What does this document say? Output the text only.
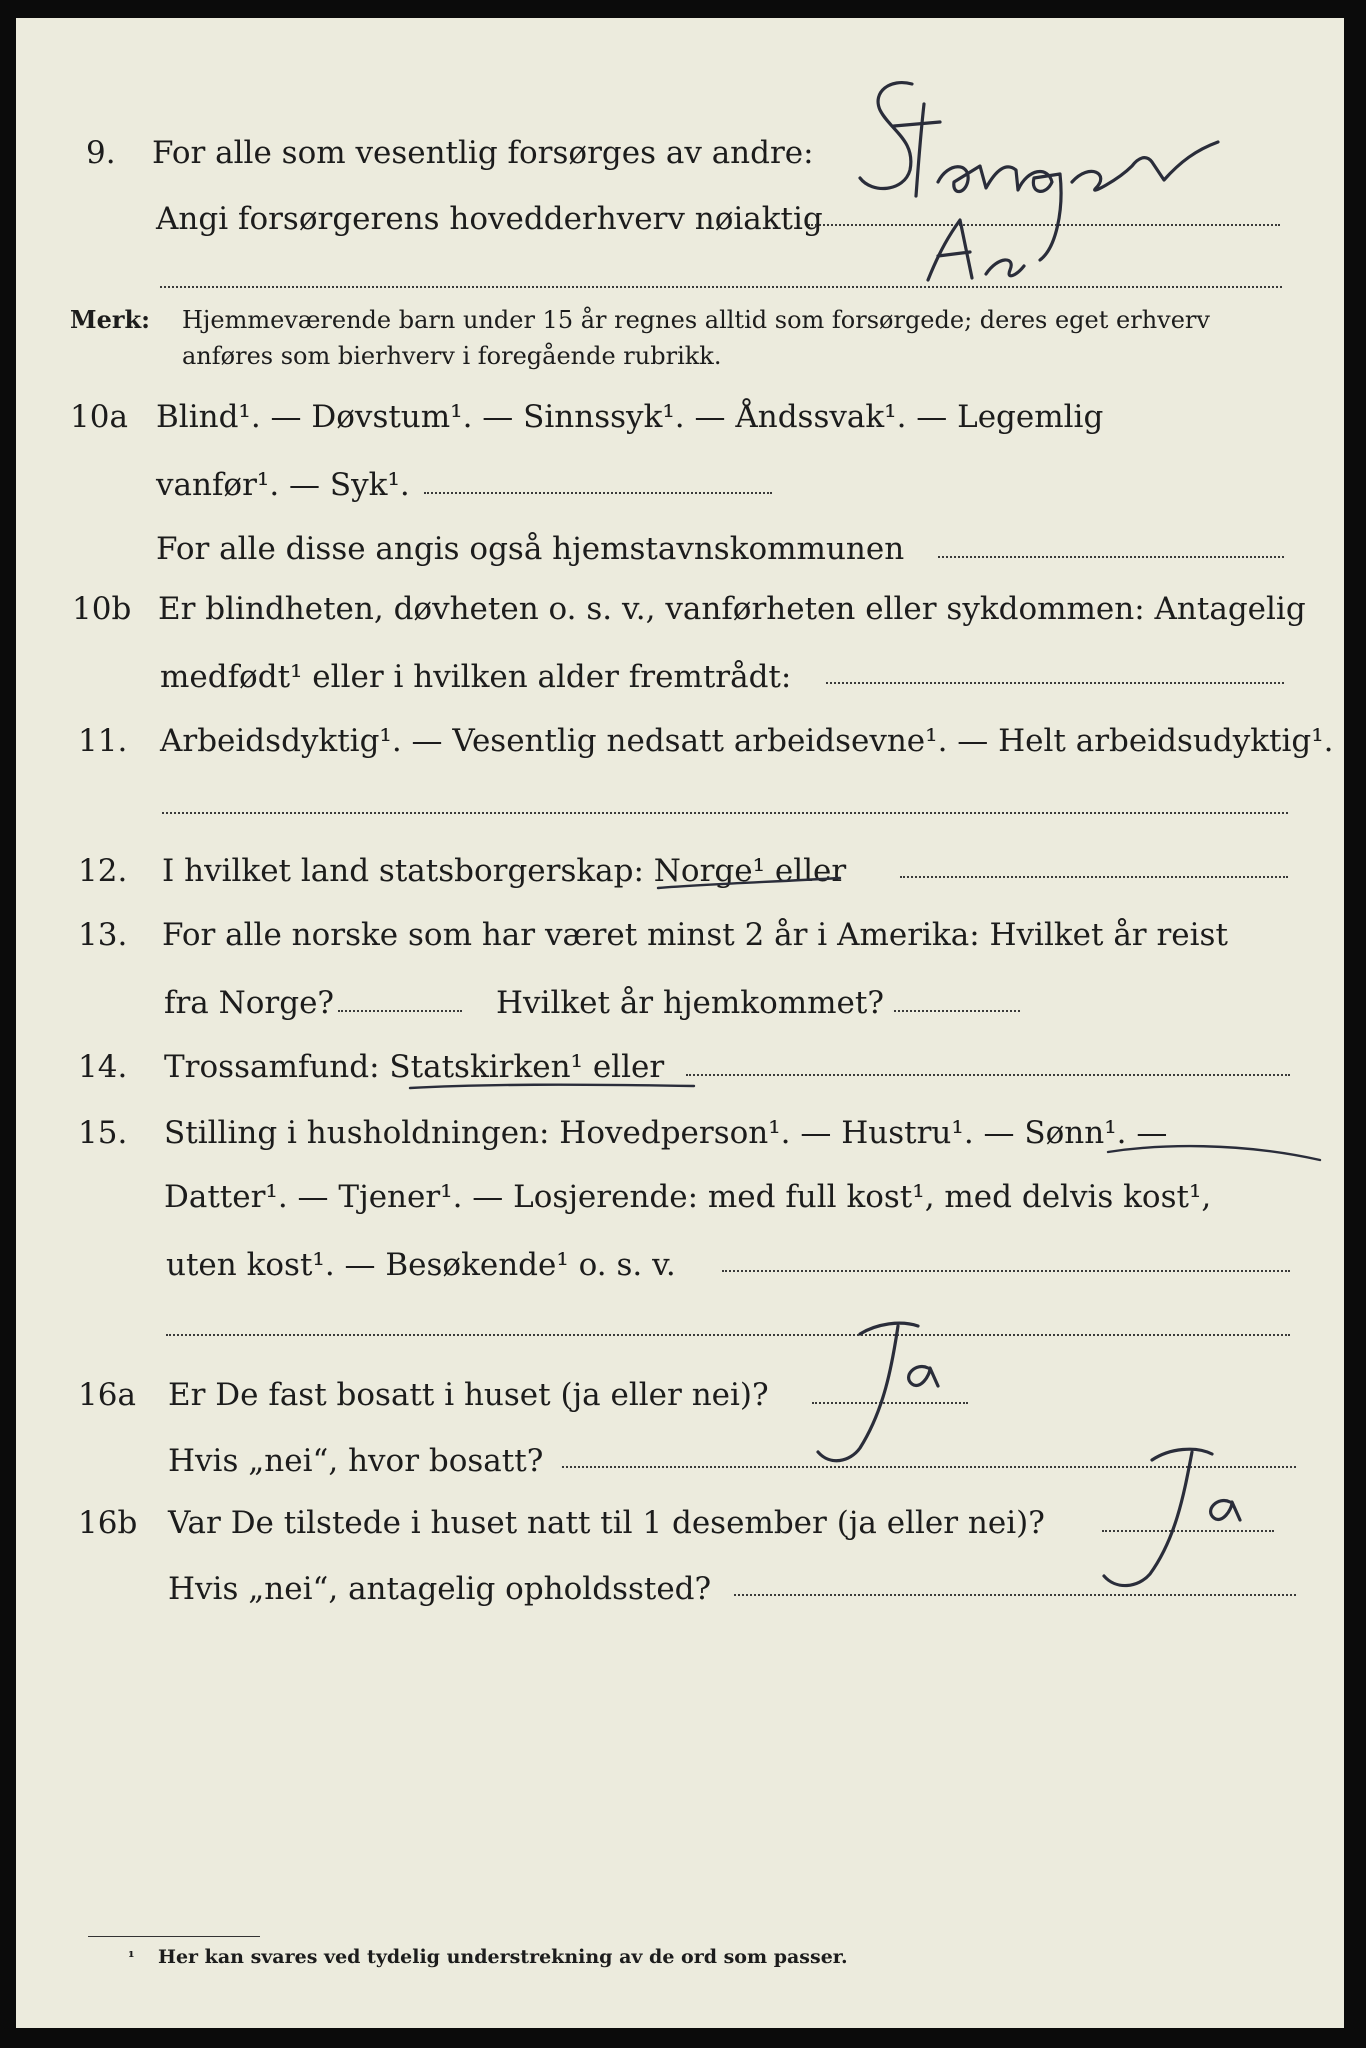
9. For alle som vesentlig forsørges av andre:
Angi forsørgerens hovedderhverv nøiaktig
Merk: Hjemmeværende barn under 15 år regnes alltid som forsørgede; deres eget erhverv
anføres som bierhverv i foregående rubrikk.
10a Blind¹. — Døvstum¹. — Sinnssyk¹. — Åndssvak¹. — Legemlig
vanfør¹. — Syk¹.
For alle disse angis også hjemstavnskommunen
10b Er blindheten, døvheten o. s. v., vanførheten eller sykdommen: Antagelig
medfødt¹ eller i hvilken alder fremtrådt:
11. Arbeidsdyktig¹. — Vesentlig nedsatt arbeidsevne¹. — Helt arbeidsudyktig¹.
12. I hvilket land statsborgerskap: Norge¹ eller
13. For alle norske som har været minst 2 år i Amerika: Hvilket år reist
fra Norge?	Hvilket år hjemkommet?
14. Trossamfund: Statskirken¹ eller
15. Stilling i husholdningen: Hovedperson¹. — Hustru¹. — Sønn¹. —
Datter¹. — Tjener¹. — Losjerende: med full kost¹, med delvis kost¹,
uten kost¹. — Besøkende¹ o. s. v.
16a Er De fast bosatt i huset (ja eller nei)?
Hvis „nei“, hvor bosatt?
16b Var De tilstede i huset natt til 1 desember (ja eller nei)?
Hvis „nei“, antagelig opholdssted?
¹ Her kan svares ved tydelig understrekning av de ord som passer.
